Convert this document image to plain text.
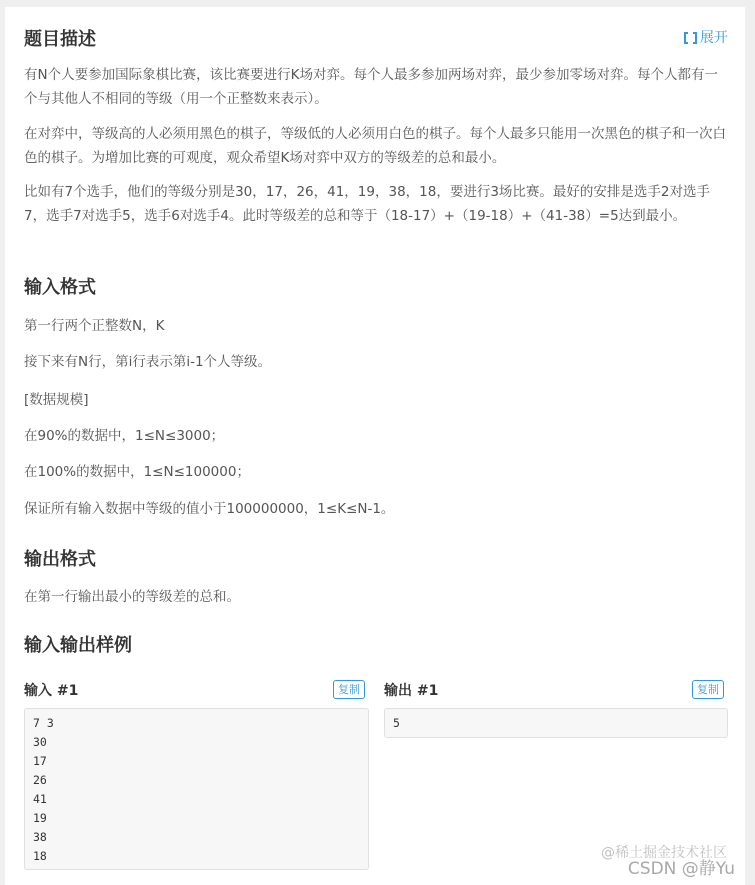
题目描述	展开

有N个人要参加国际象棋比赛，该比赛要进行K场对弈。每个人最多参加两场对弈，最少参加零场对弈。每个人都有一个与其他人不相同的等级（用一个正整数来表示）。

在对弈中，等级高的人必须用黑色的棋子，等级低的人必须用白色的棋子。每个人最多只能用一次黑色的棋子和一次白色的棋子。为增加比赛的可观度，观众希望K场对弈中双方的等级差的总和最小。

比如有7个选手，他们的等级分别是30，17，26，41，19，38，18，要进行3场比赛。最好的安排是选手2对选手7，选手7对选手5，选手6对选手4。此时等级差的总和等于（18-17）+（19-18）+（41-38）=5达到最小。

输入格式

第一行两个正整数N，K

接下来有N行，第i行表示第i-1个人等级。

[数据规模]

在90%的数据中，1≤N≤3000；

在100%的数据中，1≤N≤100000；

保证所有输入数据中等级的值小于100000000，1≤K≤N-1。

输出格式

在第一行输出最小的等级差的总和。

输入输出样例
输入 #1	复制
7 3
30
17
26
41
19
38
18
输出 #1	复制
5
@稀土掘金技术社区
CSDN @静Yu
